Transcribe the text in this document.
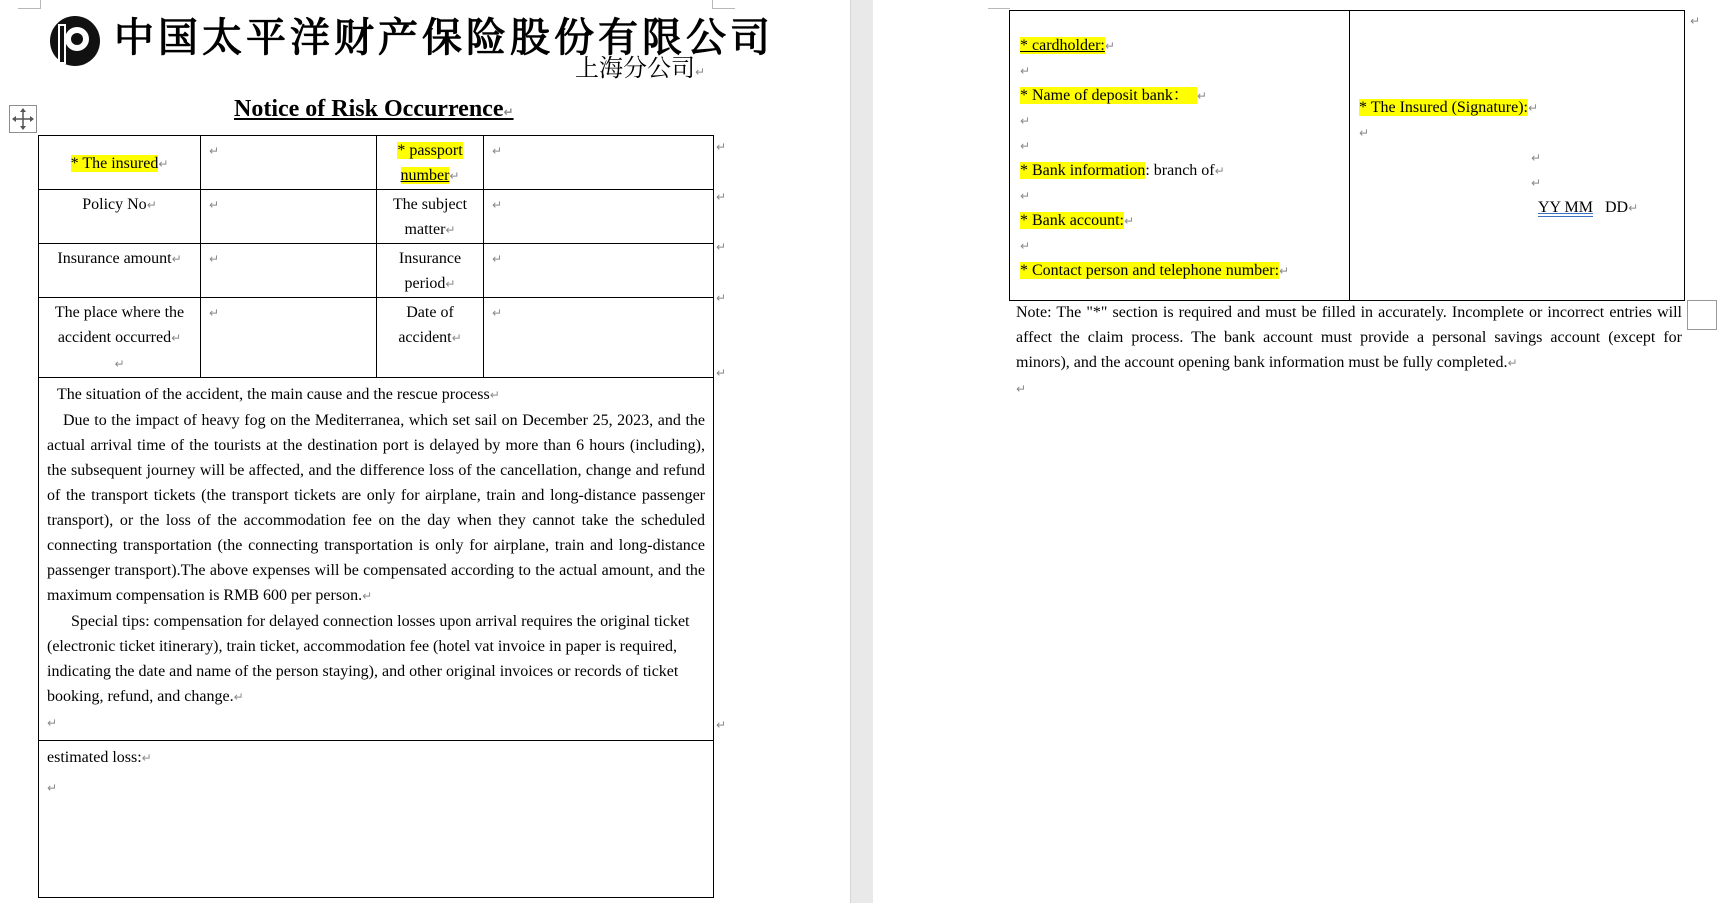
中国太平洋财产保险股份有限公司
上海分公司↵
Notice of Risk Occurrence↵
* The insured↵	↵	* passport
number↵	↵
Policy No↵	↵	The subject
matter↵	↵
Insurance amount↵	↵	Insurance
period↵	↵
The place where the
accident occurred↵
↵	↵	Date of
accident↵	↵

The situation of the accident, the main cause and the rescue process↵
Due to the impact of heavy fog on the Mediterranea, which set sail on December 25, 2023, and the actual arrival time of the tourists at the destination port is delayed by more than 6 hours (including), the subsequent journey will be affected, and the difference loss of the cancellation, change and refund of the transport tickets (the transport tickets are only for airplane, train and long-distance passenger transport), or the loss of the accommodation fee on the day when they cannot take the scheduled connecting transportation (the connecting transportation is only for airplane, train and long-distance passenger transport).The above expenses will be compensated according to the actual amount, and the maximum compensation is RMB 600 per person.↵
Special tips: compensation for delayed connection losses upon arrival requires the original ticket (electronic ticket itinerary), train ticket, accommodation fee (hotel vat invoice in paper is required, indicating the date and name of the person staying), and other original invoices or records of ticket booking, refund, and change.↵
↵			

estimated loss:↵
↵			
↵
↵
↵
↵
↵
↵
* cardholder:↵
↵
* Name of deposit bank： ↵
↵
↵
* Bank information: branch of↵
↵
* Bank account:↵
↵
* Contact person and telephone number:↵

* The Insured (Signature):↵
↵
↵
↵
YY MM DD↵
↵
Note: The "*" section is required and must be filled in accurately. Incomplete or incorrect entries will affect the claim process. The bank account must provide a personal savings account (except for minors), and the account opening bank information must be fully completed.↵
↵
